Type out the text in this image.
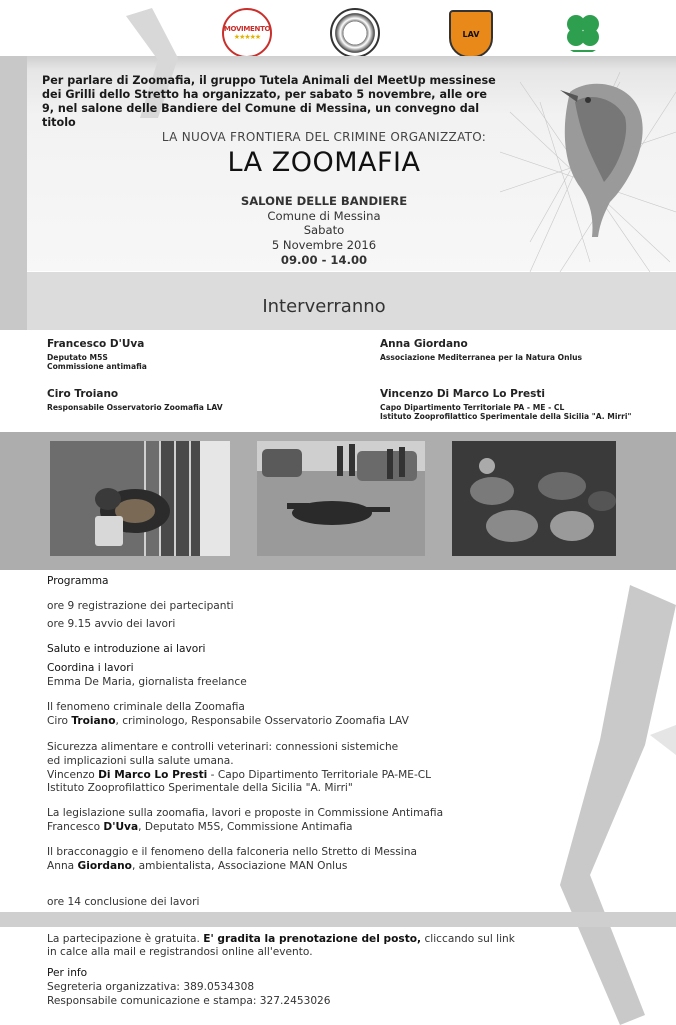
MOVIMENTO
★★★★★	LAV
Per parlare di Zoomafia, il gruppo Tutela Animali del MeetUp messinese dei Grilli dello Stretto ha organizzato, per sabato 5 novembre, alle ore 9, nel salone delle Bandiere del Comune di Messina, un convegno dal titolo
LA NUOVA FRONTIERA DEL CRIMINE ORGANIZZATO:
LA ZOOMAFIA
SALONE DELLE BANDIERE
Comune di Messina
Sabato
5 Novembre 2016
09.00 - 14.00
Interverranno
Francesco D'Uva
Deputato M5S
Commissione antimafia
Anna Giordano
Associazione Mediterranea per la Natura Onlus
Ciro Troiano
Responsabile Osservatorio Zoomafia LAV
Vincenzo Di Marco Lo Presti
Capo Dipartimento Territoriale PA - ME - CL
Istituto Zooprofilattico Sperimentale della Sicilia "A. Mirri"
Programma
ore 9 registrazione dei partecipanti
ore 9.15 avvio dei lavori
Saluto e introduzione ai lavori
Coordina i lavori
Emma De Maria, giornalista freelance
Il fenomeno criminale della Zoomafia
Ciro Troiano, criminologo, Responsabile Osservatorio Zoomafia LAV
Sicurezza alimentare e controlli veterinari: connessioni sistemiche
ed implicazioni sulla salute umana.
Vincenzo Di Marco Lo Presti - Capo Dipartimento Territoriale PA-ME-CL
Istituto Zooprofilattico Sperimentale della Sicilia "A. Mirri"
La legislazione sulla zoomafia, lavori e proposte in Commissione Antimafia
Francesco D'Uva, Deputato M5S, Commissione Antimafia
Il bracconaggio e il fenomeno della falconeria nello Stretto di Messina
Anna Giordano, ambientalista, Associazione MAN Onlus
ore 14 conclusione dei lavori
La partecipazione è gratuita. E' gradita la prenotazione del posto, cliccando sul link
in calce alla mail e registrandosi online all'evento.
Per info
Segreteria organizzativa: 389.0534308
Responsabile comunicazione e stampa: 327.2453026
